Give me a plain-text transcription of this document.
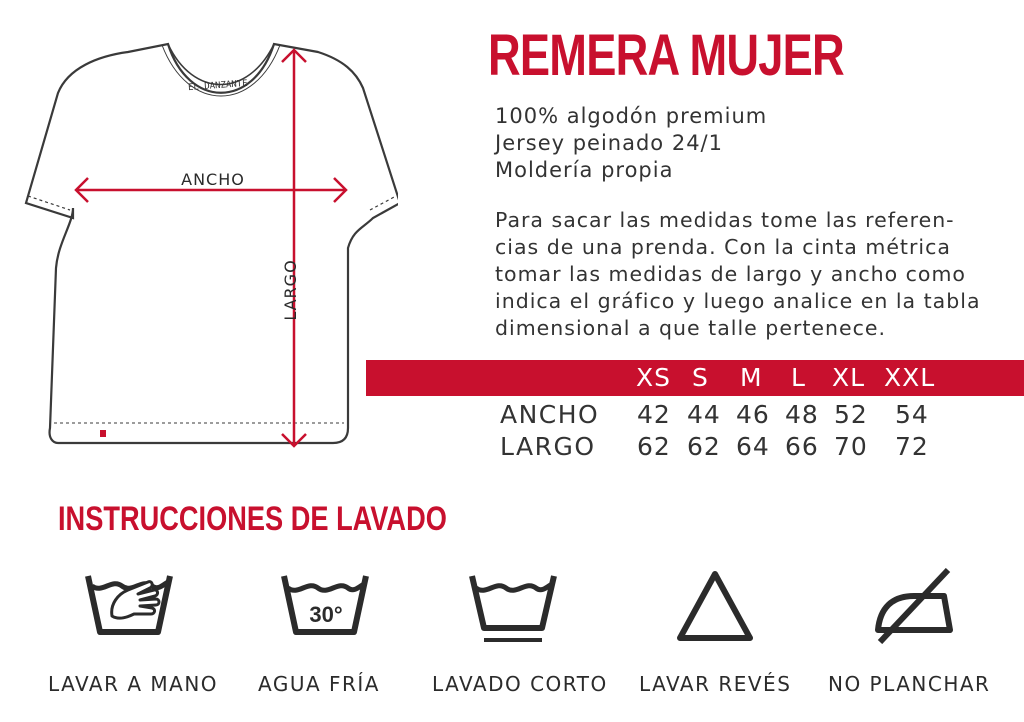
EL DANZANTE
ANCHO
LARGO
REMERA MUJER
100% algodón premium
Jersey peinado 24/1
Moldería propia
Para sacar las medidas tome las referen-
cias de una prenda. Con la cinta métrica
tomar las medidas de largo y ancho como
indica el gráfico y luego analice en la tabla
dimensional a que talle pertenece.
XS S M L XL XXL
ANCHO 42 44 46 48 52 54
LARGO 62 62 64 66 70 72
INSTRUCCIONES DE LAVADO
30°
LAVAR A MANO AGUA FRÍA	LAVADO CORTO LAVAR REVÉS NO PLANCHAR
